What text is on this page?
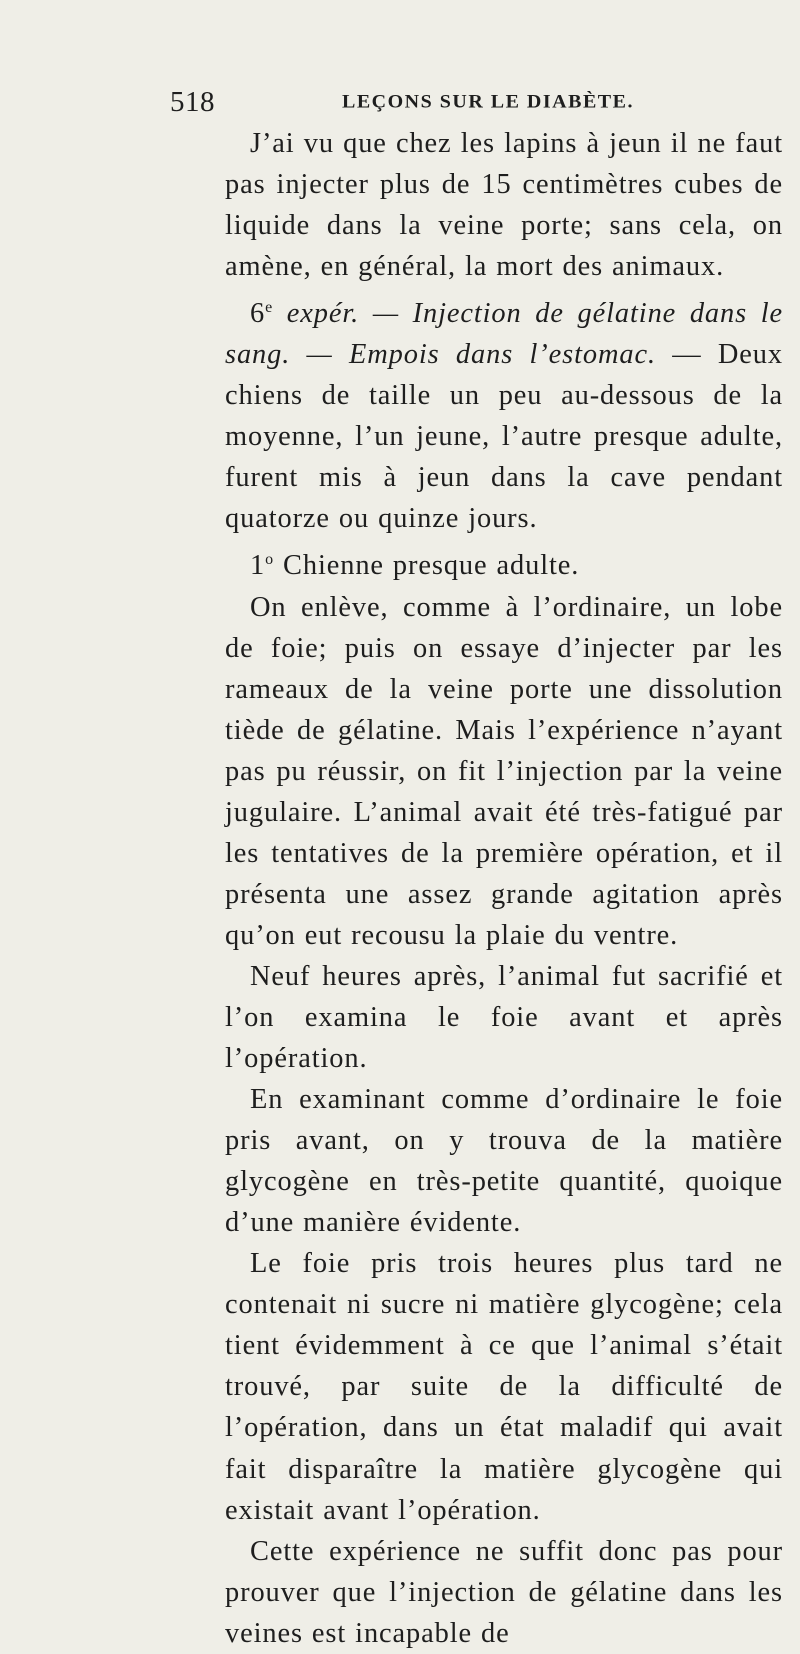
518	LEÇONS SUR LE DIABÈTE.

J’ai vu que chez les lapins à jeun il ne faut pas injecter plus de 15 centimètres cubes de liquide dans la veine porte; sans cela, on amène, en général, la mort des animaux.

6e expér. — Injection de gélatine dans le sang. — Empois dans l’estomac. — Deux chiens de taille un peu au-dessous de la moyenne, l’un jeune, l’autre presque adulte, furent mis à jeun dans la cave pendant quatorze ou quinze jours.

1$^o$ Chienne presque adulte.

On enlève, comme à l’ordinaire, un lobe de foie; puis on essaye d’injecter par les rameaux de la veine porte une dissolution tiède de gélatine. Mais l’expérience n’ayant pas pu réussir, on fit l’injection par la veine jugulaire. L’animal avait été très-fatigué par les tentatives de la première opération, et il présenta une assez grande agitation après qu’on eut recousu la plaie du ventre.

Neuf heures après, l’animal fut sacrifié et l’on examina le foie avant et après l’opération.

En examinant comme d’ordinaire le foie pris avant, on y trouva de la matière glycogène en très-petite quantité, quoique d’une manière évidente.

Le foie pris trois heures plus tard ne contenait ni sucre ni matière glycogène; cela tient évidemment à ce que l’animal s’était trouvé, par suite de la difficulté de l’opération, dans un état maladif qui avait fait disparaître la matière glycogène qui existait avant l’opération.

Cette expérience ne suffit donc pas pour prouver que l’injection de gélatine dans les veines est incapable de
